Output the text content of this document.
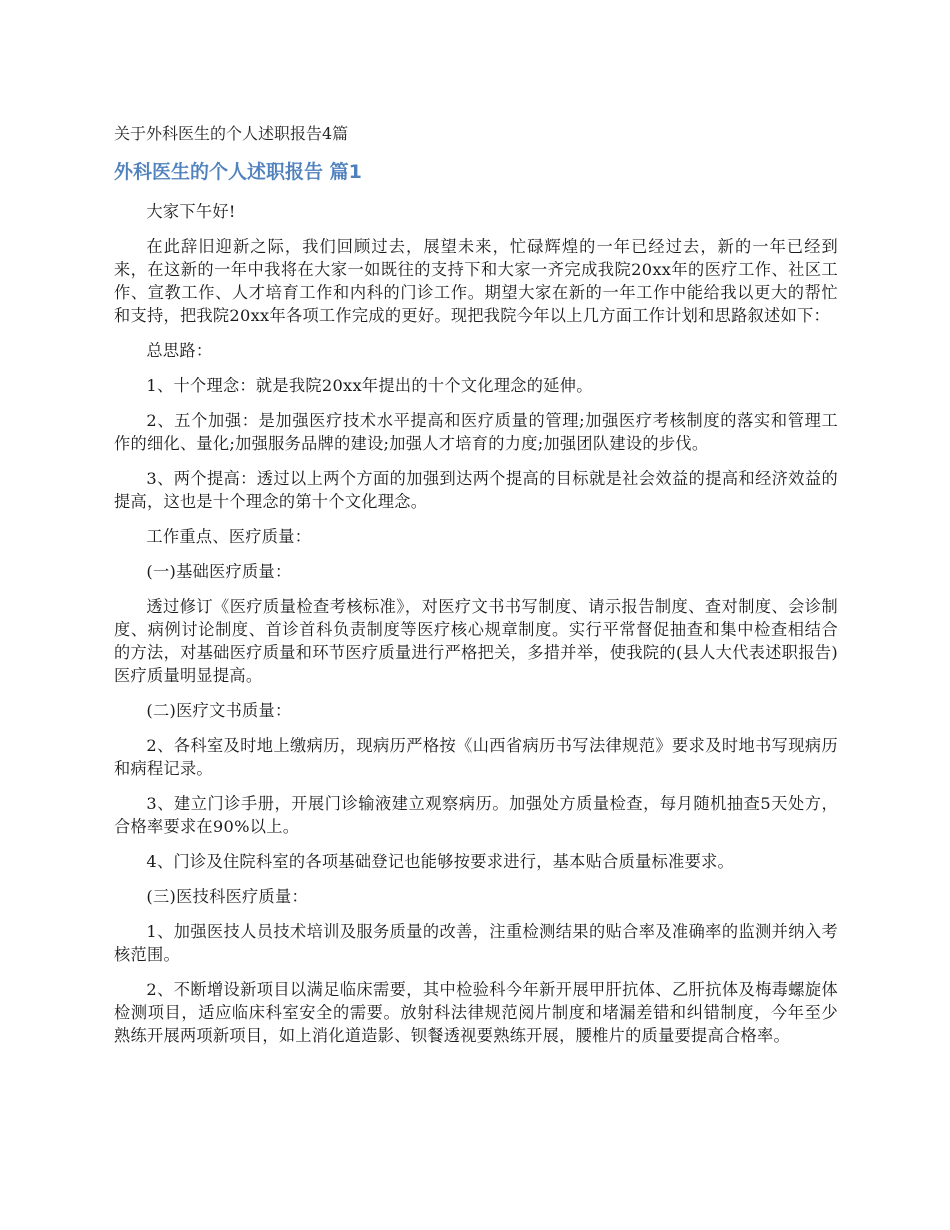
关于外科医生的个人述职报告4篇
外科医生的个人述职报告 篇1

大家下午好!

在此辞旧迎新之际，我们回顾过去，展望未来，忙碌辉煌的一年已经过去，新的一年已经到来，在这新的一年中我将在大家一如既往的支持下和大家一齐完成我院20xx年的医疗工作、社区工作、宣教工作、人才培育工作和内科的门诊工作。期望大家在新的一年工作中能给我以更大的帮忙和支持，把我院20xx年各项工作完成的更好。现把我院今年以上几方面工作计划和思路叙述如下：

总思路：

1、十个理念：就是我院20xx年提出的十个文化理念的延伸。

2、五个加强：是加强医疗技术水平提高和医疗质量的管理;加强医疗考核制度的落实和管理工作的细化、量化;加强服务品牌的建设;加强人才培育的力度;加强团队建设的步伐。

3、两个提高：透过以上两个方面的加强到达两个提高的目标就是社会效益的提高和经济效益的提高，这也是十个理念的第十个文化理念。

工作重点、医疗质量：

(一)基础医疗质量：

透过修订《医疗质量检查考核标准》，对医疗文书书写制度、请示报告制度、查对制度、会诊制度、病例讨论制度、首诊首科负责制度等医疗核心规章制度。实行平常督促抽查和集中检查相结合的方法，对基础医疗质量和环节医疗质量进行严格把关，多措并举，使我院的(县人大代表述职报告)医疗质量明显提高。

(二)医疗文书质量：

2、各科室及时地上缴病历，现病历严格按《山西省病历书写法律规范》要求及时地书写现病历和病程记录。

3、建立门诊手册，开展门诊输液建立观察病历。加强处方质量检查，每月随机抽查5天处方，合格率要求在90%以上。

4、门诊及住院科室的各项基础登记也能够按要求进行，基本贴合质量标准要求。

(三)医技科医疗质量：

1、加强医技人员技术培训及服务质量的改善，注重检测结果的贴合率及准确率的监测并纳入考核范围。

2、不断增设新项目以满足临床需要，其中检验科今年新开展甲肝抗体、乙肝抗体及梅毒螺旋体检测项目，适应临床科室安全的需要。放射科法律规范阅片制度和堵漏差错和纠错制度，今年至少熟练开展两项新项目，如上消化道造影、钡餐透视要熟练开展，腰椎片的质量要提高合格率。
